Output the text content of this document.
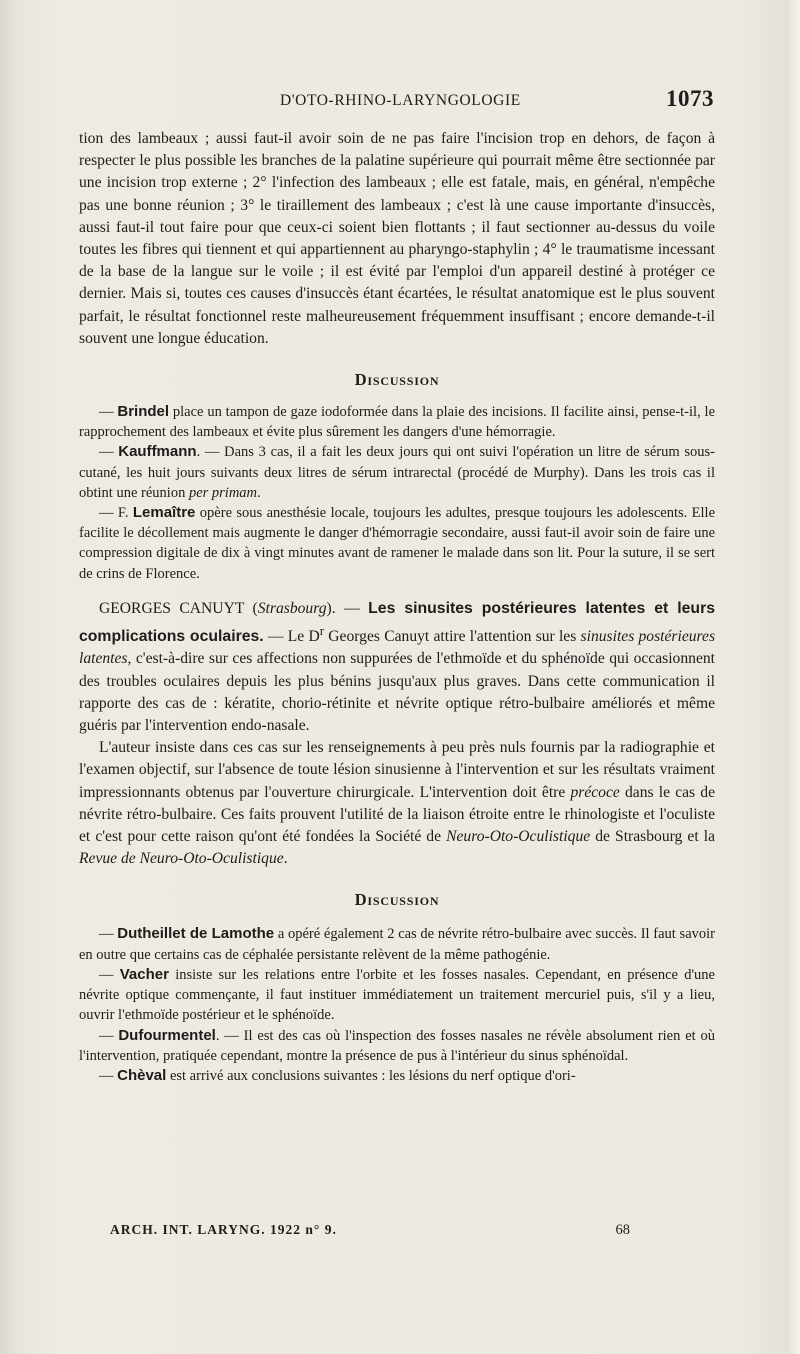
D'OTO-RHINO-LARYNGOLOGIE	1073

tion des lambeaux ; aussi faut-il avoir soin de ne pas faire l'incision trop en dehors, de façon à respecter le plus possible les branches de la palatine supérieure qui pourrait même être sectionnée par une incision trop externe ; 2° l'infection des lambeaux ; elle est fatale, mais, en général, n'empêche pas une bonne réunion ; 3° le tiraillement des lambeaux ; c'est là une cause importante d'insuccès, aussi faut-il tout faire pour que ceux-ci soient bien flottants ; il faut sectionner au-dessus du voile toutes les fibres qui tiennent et qui appartiennent au pharyngo-staphylin ; 4° le traumatisme incessant de la base de la langue sur le voile ; il est évité par l'emploi d'un appareil destiné à protéger ce dernier. Mais si, toutes ces causes d'insuccès étant écartées, le résultat anatomique est le plus souvent parfait, le résultat fonctionnel reste malheureusement fréquemment insuffisant ; encore demande-t-il souvent une longue éducation.

Discussion

— Brindel place un tampon de gaze iodoformée dans la plaie des incisions. Il facilite ainsi, pense-t-il, le rapprochement des lambeaux et évite plus sûrement les dangers d'une hémorragie.

— Kauffmann. — Dans 3 cas, il a fait les deux jours qui ont suivi l'opération un litre de sérum sous-cutané, les huit jours suivants deux litres de sérum intrarectal (procédé de Murphy). Dans les trois cas il obtint une réunion per primam.

— F. Lemaître opère sous anesthésie locale, toujours les adultes, presque toujours les adolescents. Elle facilite le décollement mais augmente le danger d'hémorragie secondaire, aussi faut-il avoir soin de faire une compression digitale de dix à vingt minutes avant de ramener le malade dans son lit. Pour la suture, il se sert de crins de Florence.

GEORGES CANUYT (Strasbourg). — Les sinusites postérieures latentes et leurs complications oculaires. — Le $D^r$ Georges Canuyt attire l'attention sur les sinusites postérieures latentes, c'est-à-dire sur ces affections non suppurées de l'ethmoïde et du sphénoïde qui occasionnent des troubles oculaires depuis les plus bénins jusqu'aux plus graves. Dans cette communication il rapporte des cas de : kératite, chorio-rétinite et névrite optique rétro-bulbaire améliorés et même guéris par l'intervention endo-nasale.

L'auteur insiste dans ces cas sur les renseignements à peu près nuls fournis par la radiographie et l'examen objectif, sur l'absence de toute lésion sinusienne à l'intervention et sur les résultats vraiment impressionnants obtenus par l'ouverture chirurgicale. L'intervention doit être précoce dans le cas de névrite rétro-bulbaire. Ces faits prouvent l'utilité de la liaison étroite entre le rhinologiste et l'oculiste et c'est pour cette raison qu'ont été fondées la Société de Neuro-Oto-Oculistique de Strasbourg et la Revue de Neuro-Oto-Oculistique.

Discussion

— Dutheillet de Lamothe a opéré également 2 cas de névrite rétro-bulbaire avec succès. Il faut savoir en outre que certains cas de céphalée persistante relèvent de la même pathogénie.

— Vacher insiste sur les relations entre l'orbite et les fosses nasales. Cependant, en présence d'une névrite optique commençante, il faut instituer immédiatement un traitement mercuriel puis, s'il y a lieu, ouvrir l'ethmoïde postérieur et le sphénoïde.

— Dufourmentel. — Il est des cas où l'inspection des fosses nasales ne révèle absolument rien et où l'intervention, pratiquée cependant, montre la présence de pus à l'intérieur du sinus sphénoïdal.

— Chèval est arrivé aux conclusions suivantes : les lésions du nerf optique d'ori-

ARCH. INT. LARYNG. 1922 n° 9.	68
